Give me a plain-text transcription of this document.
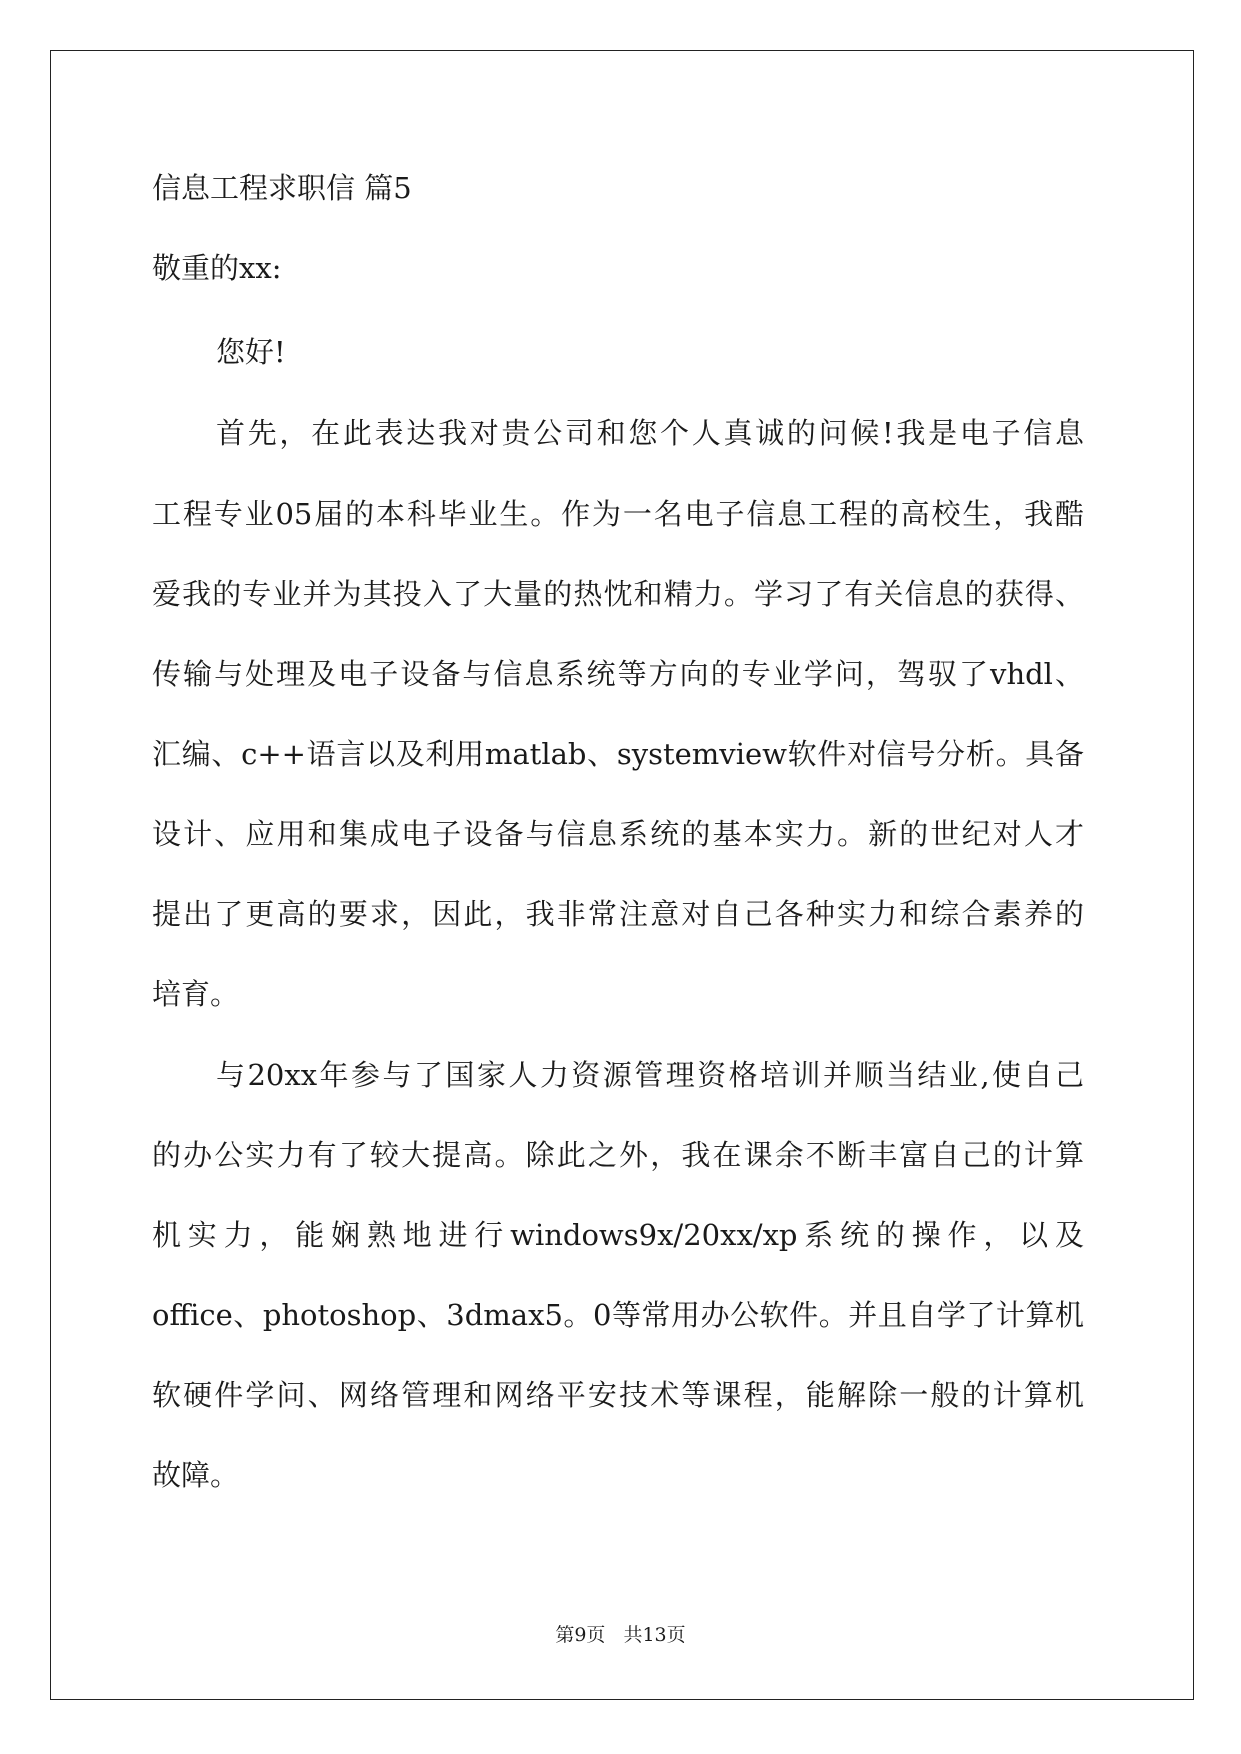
信息工程求职信 篇5
敬重的xx:
您好!
首先，在此表达我对贵公司和您个人真诚的问候!我是电子信息
工程专业05届的本科毕业生。作为一名电子信息工程的高校生，我酷
爱我的专业并为其投入了大量的热忱和精力。学习了有关信息的获得、
传输与处理及电子设备与信息系统等方向的专业学问，驾驭了vhdl、
汇编、c++语言以及利用matlab、systemview软件对信号分析。具备
设计、应用和集成电子设备与信息系统的基本实力。新的世纪对人才
提出了更高的要求，因此，我非常注意对自己各种实力和综合素养的
培育。
与20xx年参与了国家人力资源管理资格培训并顺当结业,使自己
的办公实力有了较大提高。除此之外，我在课余不断丰富自己的计算
机实力，能娴熟地进行windows9x/20xx/xp系统的操作，以及
office、photoshop、3dmax5。0等常用办公软件。并且自学了计算机
软硬件学问、网络管理和网络平安技术等课程，能解除一般的计算机
故障。
第9页 共13页
